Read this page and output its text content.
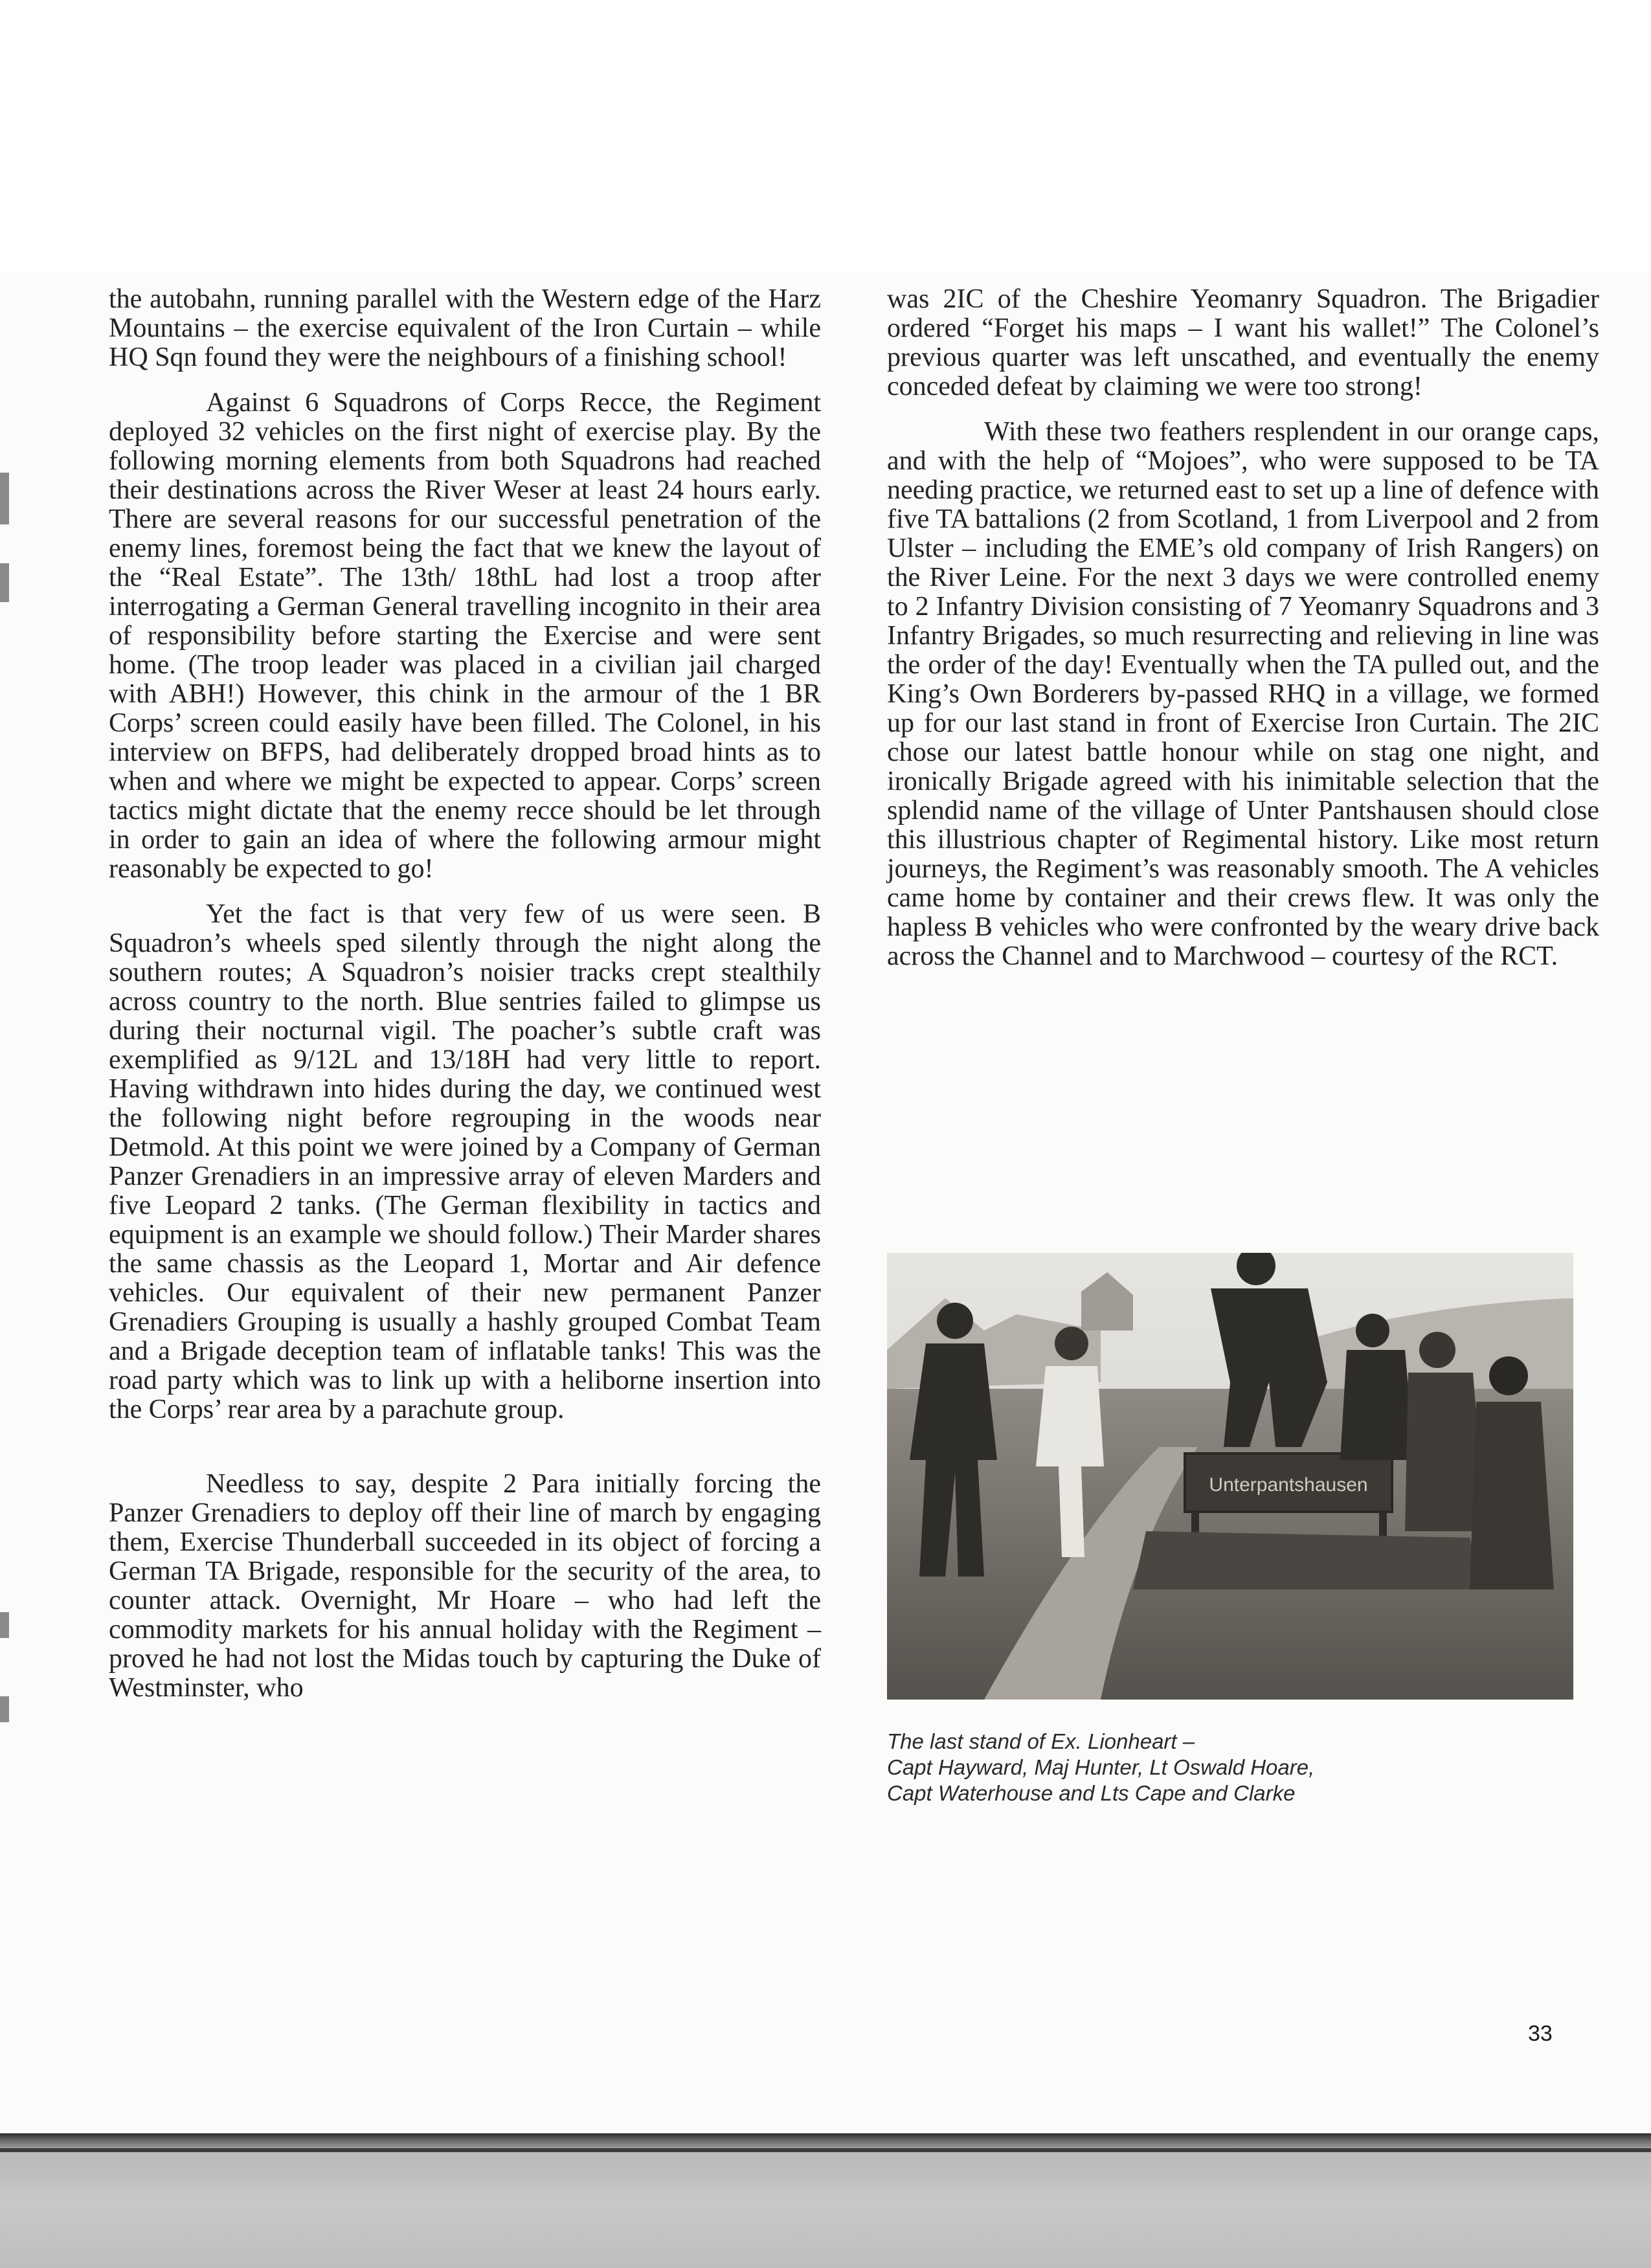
the autobahn, running parallel with the Western edge of the Harz Mountains – the exercise equivalent of the Iron Curtain – while HQ Sqn found they were the neighbours of a finishing school!

Against 6 Squadrons of Corps Recce, the Regiment deployed 32 vehicles on the first night of exercise play. By the following morning elements from both Squadrons had reached their destinations across the River Weser at least 24 hours early. There are several reasons for our successful penetration of the enemy lines, foremost being the fact that we knew the layout of the “Real Estate”. The 13th/ 18thL had lost a troop after interrogating a German General travelling incognito in their area of responsibility before starting the Exercise and were sent home. (The troop leader was placed in a civilian jail charged with ABH!) However, this chink in the armour of the 1 BR Corps’ screen could easily have been filled. The Colonel, in his interview on BFPS, had deliberately dropped broad hints as to when and where we might be expected to appear. Corps’ screen tactics might dictate that the enemy recce should be let through in order to gain an idea of where the following armour might reasonably be expected to go!

Yet the fact is that very few of us were seen. B Squadron’s wheels sped silently through the night along the southern routes; A Squadron’s noisier tracks crept stealthily across country to the north. Blue sentries failed to glimpse us during their nocturnal vigil. The poacher’s subtle craft was exemplified as 9/12L and 13/18H had very little to report. Having withdrawn into hides during the day, we continued west the following night before regrouping in the woods near Detmold. At this point we were joined by a Company of German Panzer Grenadiers in an impressive array of eleven Marders and five Leopard 2 tanks. (The German flexibility in tactics and equipment is an example we should follow.) Their Marder shares the same chassis as the Leopard 1, Mortar and Air defence vehicles. Our equivalent of their new permanent Panzer Grenadiers Grouping is usually a hashly grouped Combat Team and a Brigade deception team of inflatable tanks! This was the road party which was to link up with a heliborne insertion into the Corps’ rear area by a parachute group.

Needless to say, despite 2 Para initially forcing the Panzer Grenadiers to deploy off their line of march by engaging them, Exercise Thunderball succeeded in its object of forcing a German TA Brigade, responsible for the security of the area, to counter attack. Overnight, Mr Hoare – who had left the commodity markets for his annual holiday with the Regiment – proved he had not lost the Midas touch by capturing the Duke of Westminster, who

was 2IC of the Cheshire Yeomanry Squadron. The Brigadier ordered “Forget his maps – I want his wallet!” The Colonel’s previous quarter was left unscathed, and eventually the enemy conceded defeat by claiming we were too strong!

With these two feathers resplendent in our orange caps, and with the help of “Mojoes”, who were supposed to be TA needing practice, we returned east to set up a line of defence with five TA battalions (2 from Scotland, 1 from Liverpool and 2 from Ulster – including the EME’s old company of Irish Rangers) on the River Leine. For the next 3 days we were controlled enemy to 2 Infantry Division consisting of 7 Yeomanry Squadrons and 3 Infantry Brigades, so much resurrecting and relieving in line was the order of the day! Eventually when the TA pulled out, and the King’s Own Borderers by-passed RHQ in a village, we formed up for our last stand in front of Exercise Iron Curtain. The 2IC chose our latest battle honour while on stag one night, and ironically Brigade agreed with his inimitable selection that the splendid name of the village of Unter Pantshausen should close this illustrious chapter of Regimental history. Like most return journeys, the Regiment’s was reasonably smooth. The A vehicles came home by container and their crews flew. It was only the hapless B vehicles who were confronted by the weary drive back across the Channel and to Marchwood – courtesy of the RCT.

Unterpantshausen
The last stand of Ex. Lionheart –
Capt Hayward, Maj Hunter, Lt Oswald Hoare,
Capt Waterhouse and Lts Cape and Clarke
33
